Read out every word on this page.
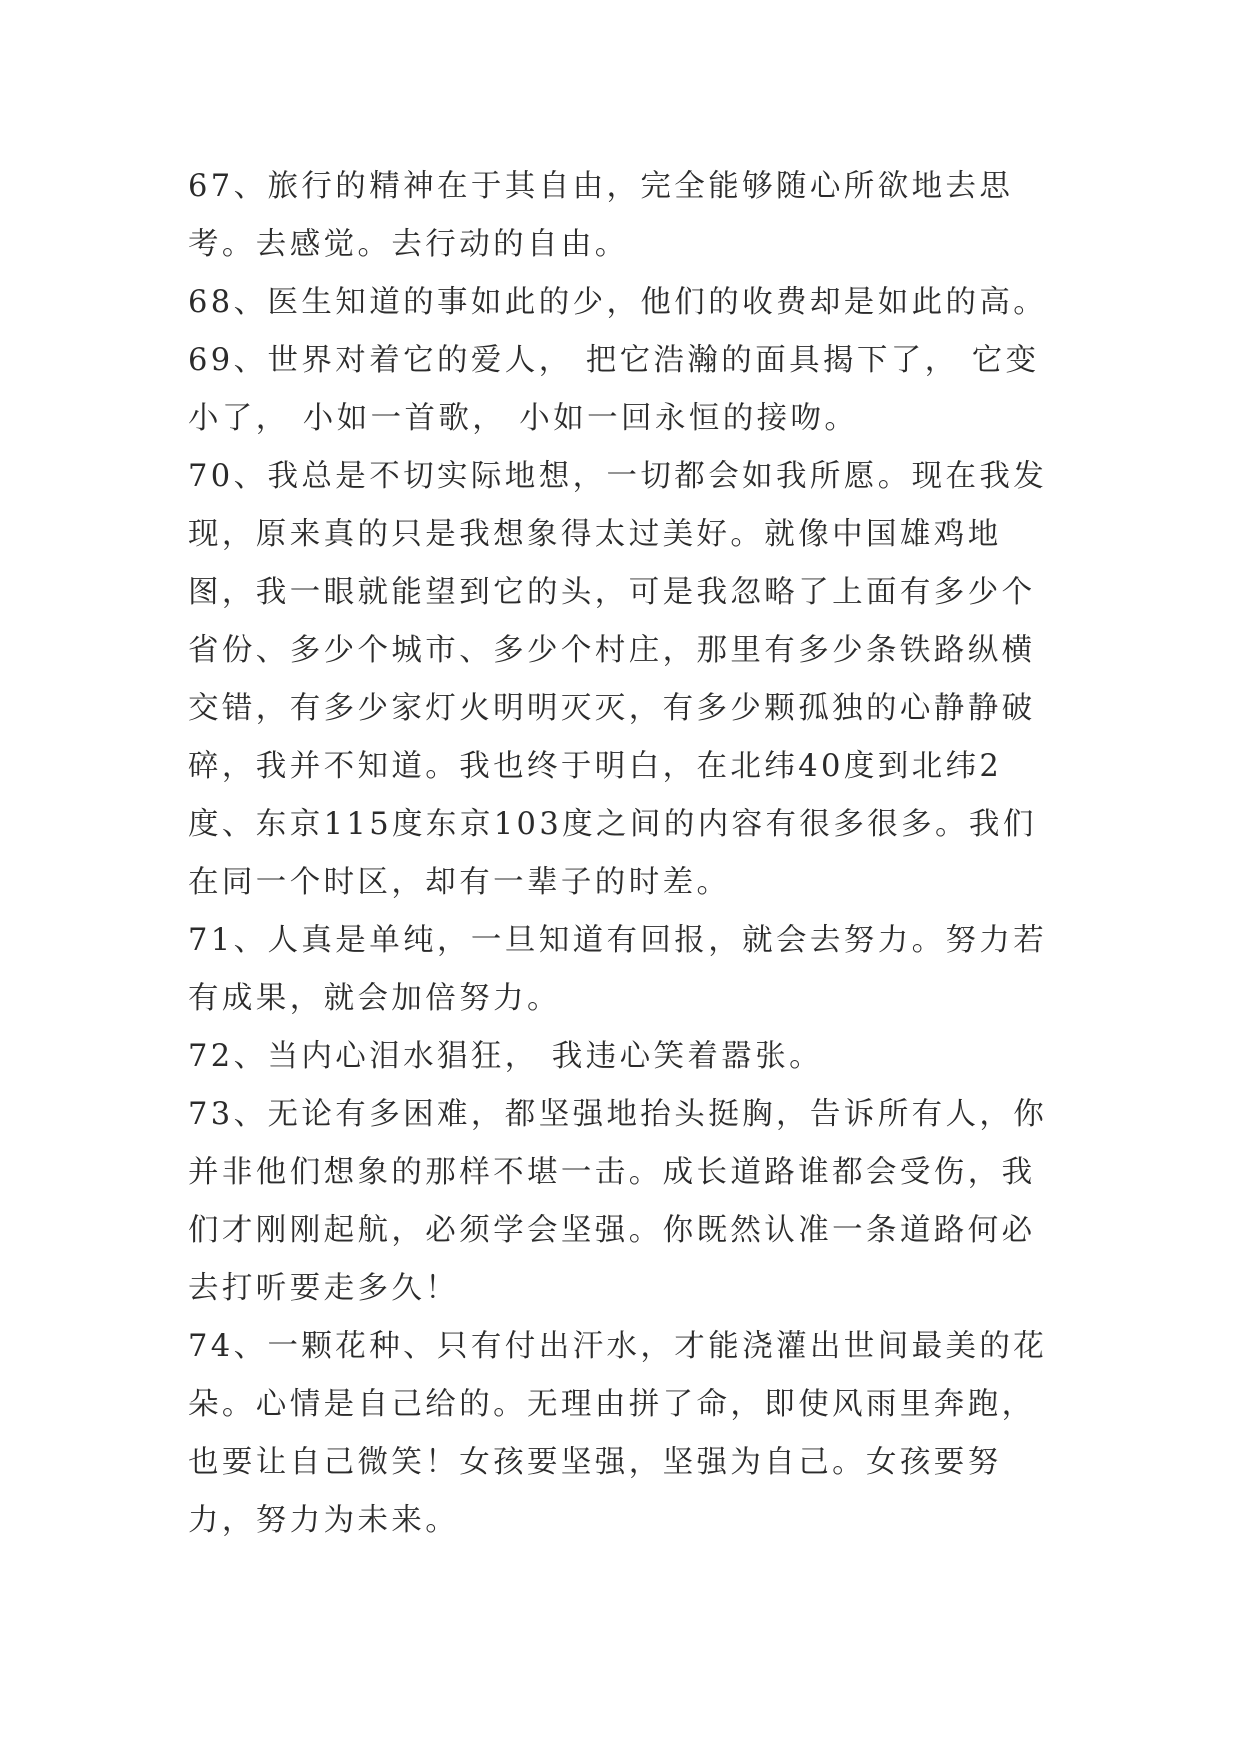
67、旅行的精神在于其自由，完全能够随心所欲地去思考。去感觉。去行动的自由。

68、医生知道的事如此的少，他们的收费却是如此的高。

69、世界对着它的爱人， 把它浩瀚的面具揭下了， 它变小了， 小如一首歌， 小如一回永恒的接吻。

70、我总是不切实际地想，一切都会如我所愿。现在我发现，原来真的只是我想象得太过美好。就像中国雄鸡地图，我一眼就能望到它的头，可是我忽略了上面有多少个省份、多少个城市、多少个村庄，那里有多少条铁路纵横交错，有多少家灯火明明灭灭，有多少颗孤独的心静静破碎，我并不知道。我也终于明白，在北纬40度到北纬2度、东京115度东京103度之间的内容有很多很多。我们在同一个时区，却有一辈子的时差。

71、人真是单纯，一旦知道有回报，就会去努力。努力若有成果，就会加倍努力。

72、当内心泪水猖狂， 我违心笑着嚣张。

73、无论有多困难，都坚强地抬头挺胸，告诉所有人，你并非他们想象的那样不堪一击。成长道路谁都会受伤，我们才刚刚起航，必须学会坚强。你既然认准一条道路何必去打听要走多久！

74、一颗花种、只有付出汗水，才能浇灌出世间最美的花朵。心情是自己给的。无理由拼了命，即使风雨里奔跑，也要让自己微笑！女孩要坚强，坚强为自己。女孩要努力，努力为未来。
